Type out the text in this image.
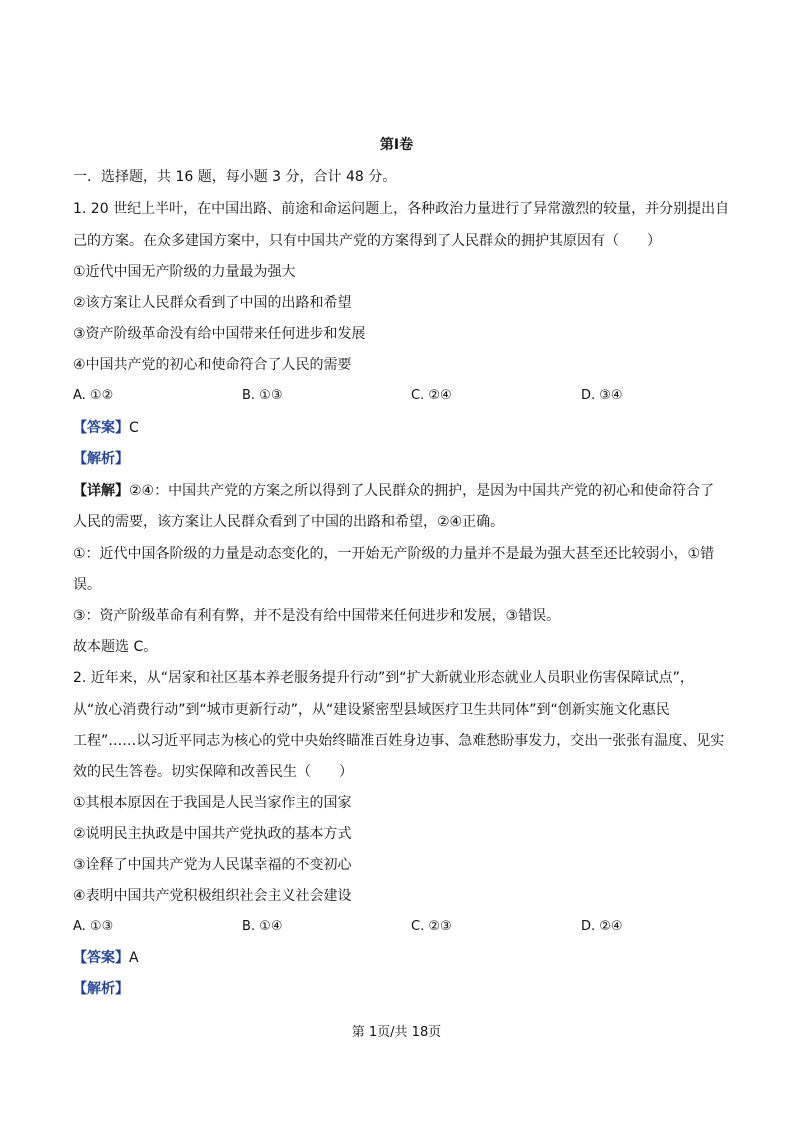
第Ⅰ卷
一．选择题，共 16 题，每小题 3 分，合计 48 分。
1. 20 世纪上半叶，在中国出路、前途和命运问题上，各种政治力量进行了异常激烈的较量，并分别提出自
己的方案。在众多建国方案中，只有中国共产党的方案得到了人民群众的拥护其原因有（　　）
①近代中国无产阶级的力量最为强大
②该方案让人民群众看到了中国的出路和希望
③资产阶级革命没有给中国带来任何进步和发展
④中国共产党的初心和使命符合了人民的需要
A. ①②	B. ①③	C. ②④	D. ③④
【答案】C
【解析】
【详解】②④：中国共产党的方案之所以得到了人民群众的拥护，是因为中国共产党的初心和使命符合了
人民的需要，该方案让人民群众看到了中国的出路和希望，②④正确。
①：近代中国各阶级的力量是动态变化的，一开始无产阶级的力量并不是最为强大甚至还比较弱小，①错
误。
③：资产阶级革命有利有弊，并不是没有给中国带来任何进步和发展，③错误。
故本题选 C。
2. 近年来，从“居家和社区基本养老服务提升行动”到“扩大新就业形态就业人员职业伤害保障试点”，
从“放心消费行动”到“城市更新行动”，从“建设紧密型县域医疗卫生共同体”到“创新实施文化惠民
工程”……以习近平同志为核心的党中央始终瞄准百姓身边事、急难愁盼事发力，交出一张张有温度、见实
效的民生答卷。切实保障和改善民生（　　）
①其根本原因在于我国是人民当家作主的国家
②说明民主执政是中国共产党执政的基本方式
③诠释了中国共产党为人民谋幸福的不变初心
④表明中国共产党积极组织社会主义社会建设
A. ①③	B. ①④	C. ②③	D. ②④
【答案】A
【解析】
第 1页/共 18页
